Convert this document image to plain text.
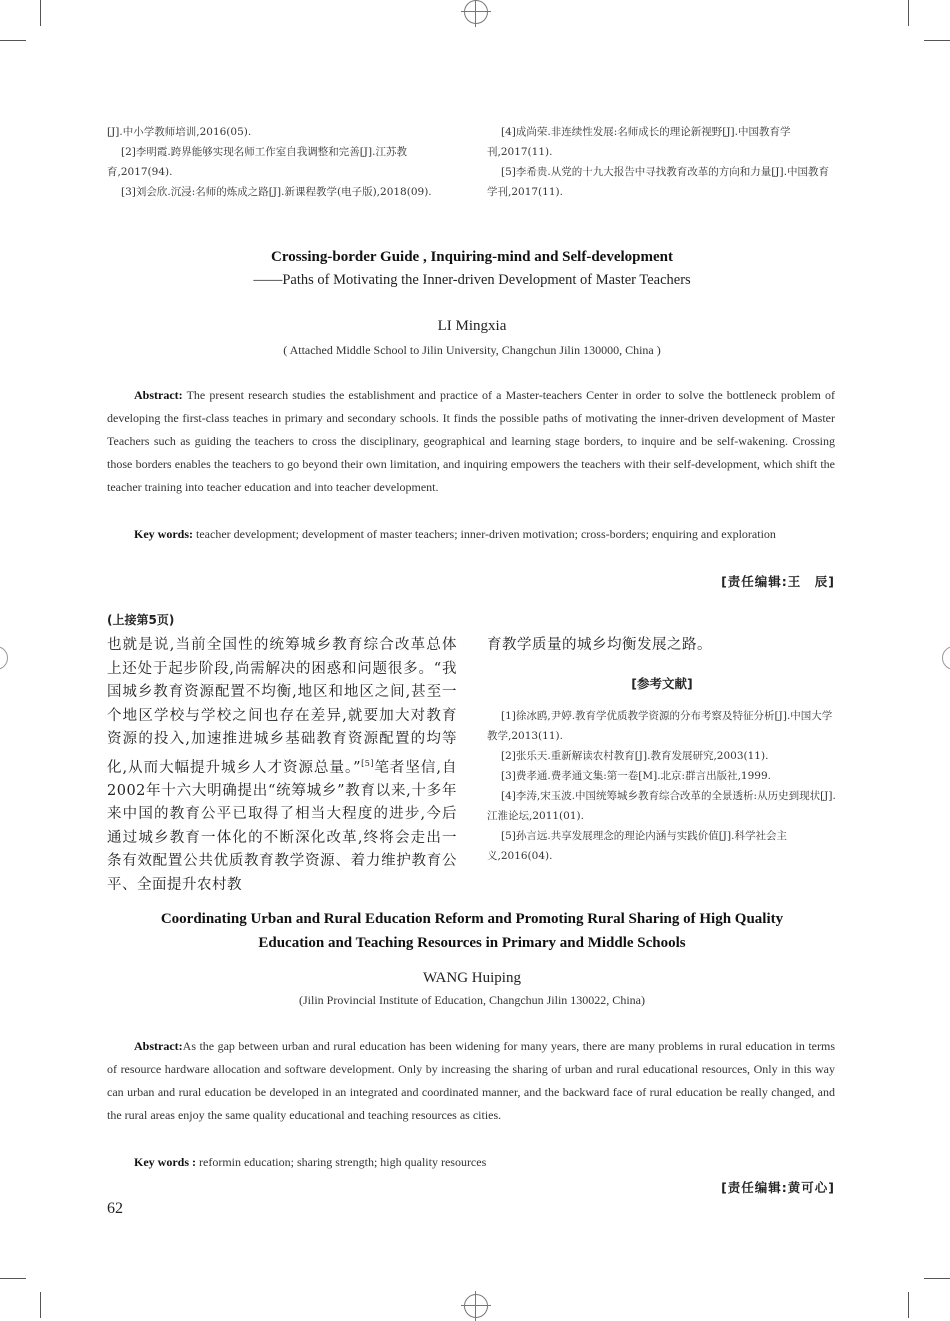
[J].中小学教师培训,2016(05).

[2]李明霞.跨界能够实现名师工作室自我调整和完善[J].江苏教育,2017(94).

[3]刘会欣.沉浸:名师的炼成之路[J].新课程教学(电子版),2018(09).

[4]成尚荣.非连续性发展:名师成长的理论新视野[J].中国教育学刊,2017(11).

[5]李希贵.从党的十九大报告中寻找教育改革的方向和力量[J].中国教育学刊,2017(11).

Crossing-border Guide , Inquiring-mind and Self-development
——Paths of Motivating the Inner-driven Development of Master Teachers
LI Mingxia
( Attached Middle School to Jilin University, Changchun Jilin 130000, China )
Abstract: The present research studies the establishment and practice of a Master-teachers Center in order to solve the bottleneck problem of developing the first-class teaches in primary and secondary schools. It finds the possible paths of motivating the inner-driven development of Master Teachers such as guiding the teachers to cross the disciplinary, geographical and learning stage borders, to inquire and be self-wakening. Crossing those borders enables the teachers to go beyond their own limitation, and inquiring empowers the teachers with their self-development, which shift the teacher training into teacher education and into teacher development.
Key words: teacher development; development of master teachers; inner-driven motivation; cross-borders; enquiring and exploration
[责任编辑:王　辰]
(上接第5页)
也就是说,当前全国性的统筹城乡教育综合改革总体上还处于起步阶段,尚需解决的困惑和问题很多。“我国城乡教育资源配置不均衡,地区和地区之间,甚至一个地区学校与学校之间也存在差异,就要加大对教育资源的投入,加速推进城乡基础教育资源配置的均等化,从而大幅提升城乡人才资源总量。”[5]笔者坚信,自2002年十六大明确提出“统筹城乡”教育以来,十多年来中国的教育公平已取得了相当大程度的进步,今后通过城乡教育一体化的不断深化改革,终将会走出一条有效配置公共优质教育教学资源、着力维护教育公平、全面提升农村教
育教学质量的城乡均衡发展之路。
[参考文献]

[1]徐冰鸥,尹婷.教育学优质教学资源的分布考察及特征分析[J].中国大学教学,2013(11).

[2]张乐天.重新解读农村教育[J].教育发展研究,2003(11).

[3]费孝通.费孝通文集:第一卷[M].北京:群言出版社,1999.

[4]李涛,宋玉波.中国统筹城乡教育综合改革的全景透析:从历史到现状[J].江淮论坛,2011(01).

[5]孙言远.共享发展理念的理论内涵与实践价值[J].科学社会主义,2016(04).

Coordinating Urban and Rural Education Reform and Promoting Rural Sharing of High Quality
Education and Teaching Resources in Primary and Middle Schools
WANG Huiping
(Jilin Provincial Institute of Education, Changchun Jilin 130022, China)
Abstract:As the gap between urban and rural education has been widening for many years, there are many problems in rural education in terms of resource hardware allocation and software development. Only by increasing the sharing of urban and rural educational resources, Only in this way can urban and rural education be developed in an integrated and coordinated manner, and the backward face of rural education be really changed, and the rural areas enjoy the same quality educational and teaching resources as cities.
Key words : reformin education; sharing strength; high quality resources
[责任编辑:黄可心]
62
